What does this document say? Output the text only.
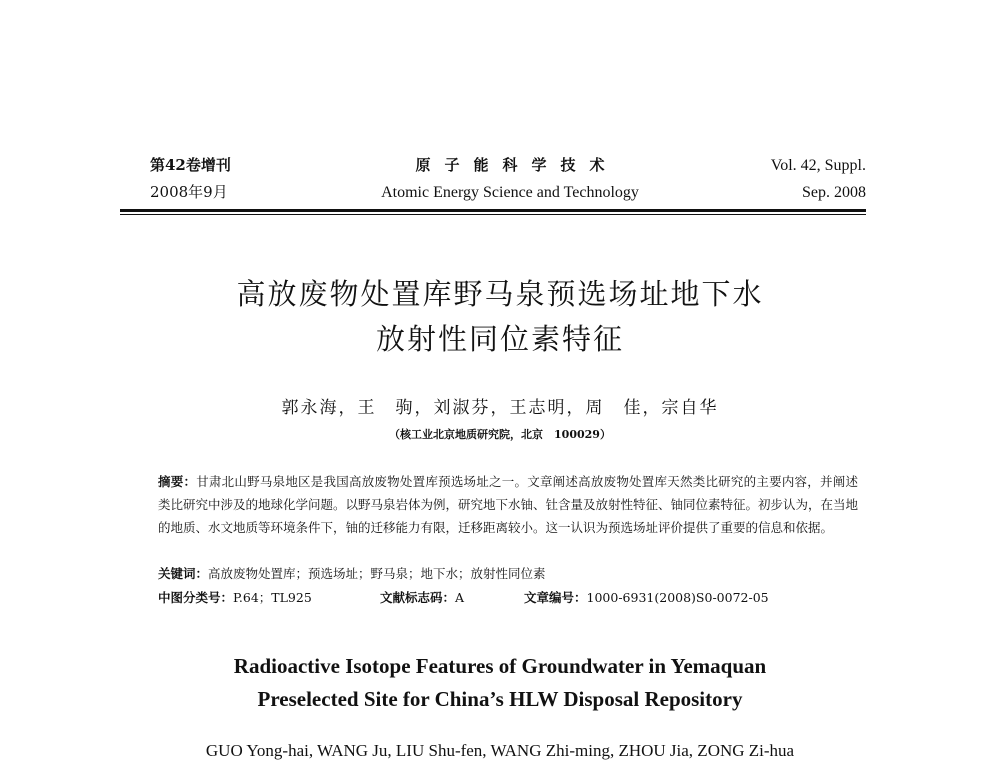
第42卷增刊
2008年9月
原子能科学技术
Atomic Energy Science and Technology
Vol. 42, Suppl.
Sep. 2008
高放废物处置库野马泉预选场址地下水
放射性同位素特征
郭永海，王　驹，刘淑芬，王志明，周　佳，宗自华
（核工业北京地质研究院，北京　100029）
摘要：甘肃北山野马泉地区是我国高放废物处置库预选场址之一。文章阐述高放废物处置库天然类比研究的主要内容，并阐述类比研究中涉及的地球化学问题。以野马泉岩体为例，研究地下水铀、钍含量及放射性特征、铀同位素特征。初步认为，在当地的地质、水文地质等环境条件下，铀的迁移能力有限，迁移距离较小。这一认识为预选场址评价提供了重要的信息和依据。
关键词：高放废物处置库；预选场址；野马泉；地下水；放射性同位素
中图分类号：P.64；TL925	文献标志码：A	文章编号：1000-6931(2008)S0-0072-05
Radioactive Isotope Features of Groundwater in Yemaquan
Preselected Site for China’s HLW Disposal Repository
GUO Yong-hai, WANG Ju, LIU Shu-fen, WANG Zhi-ming, ZHOU Jia, ZONG Zi-hua
